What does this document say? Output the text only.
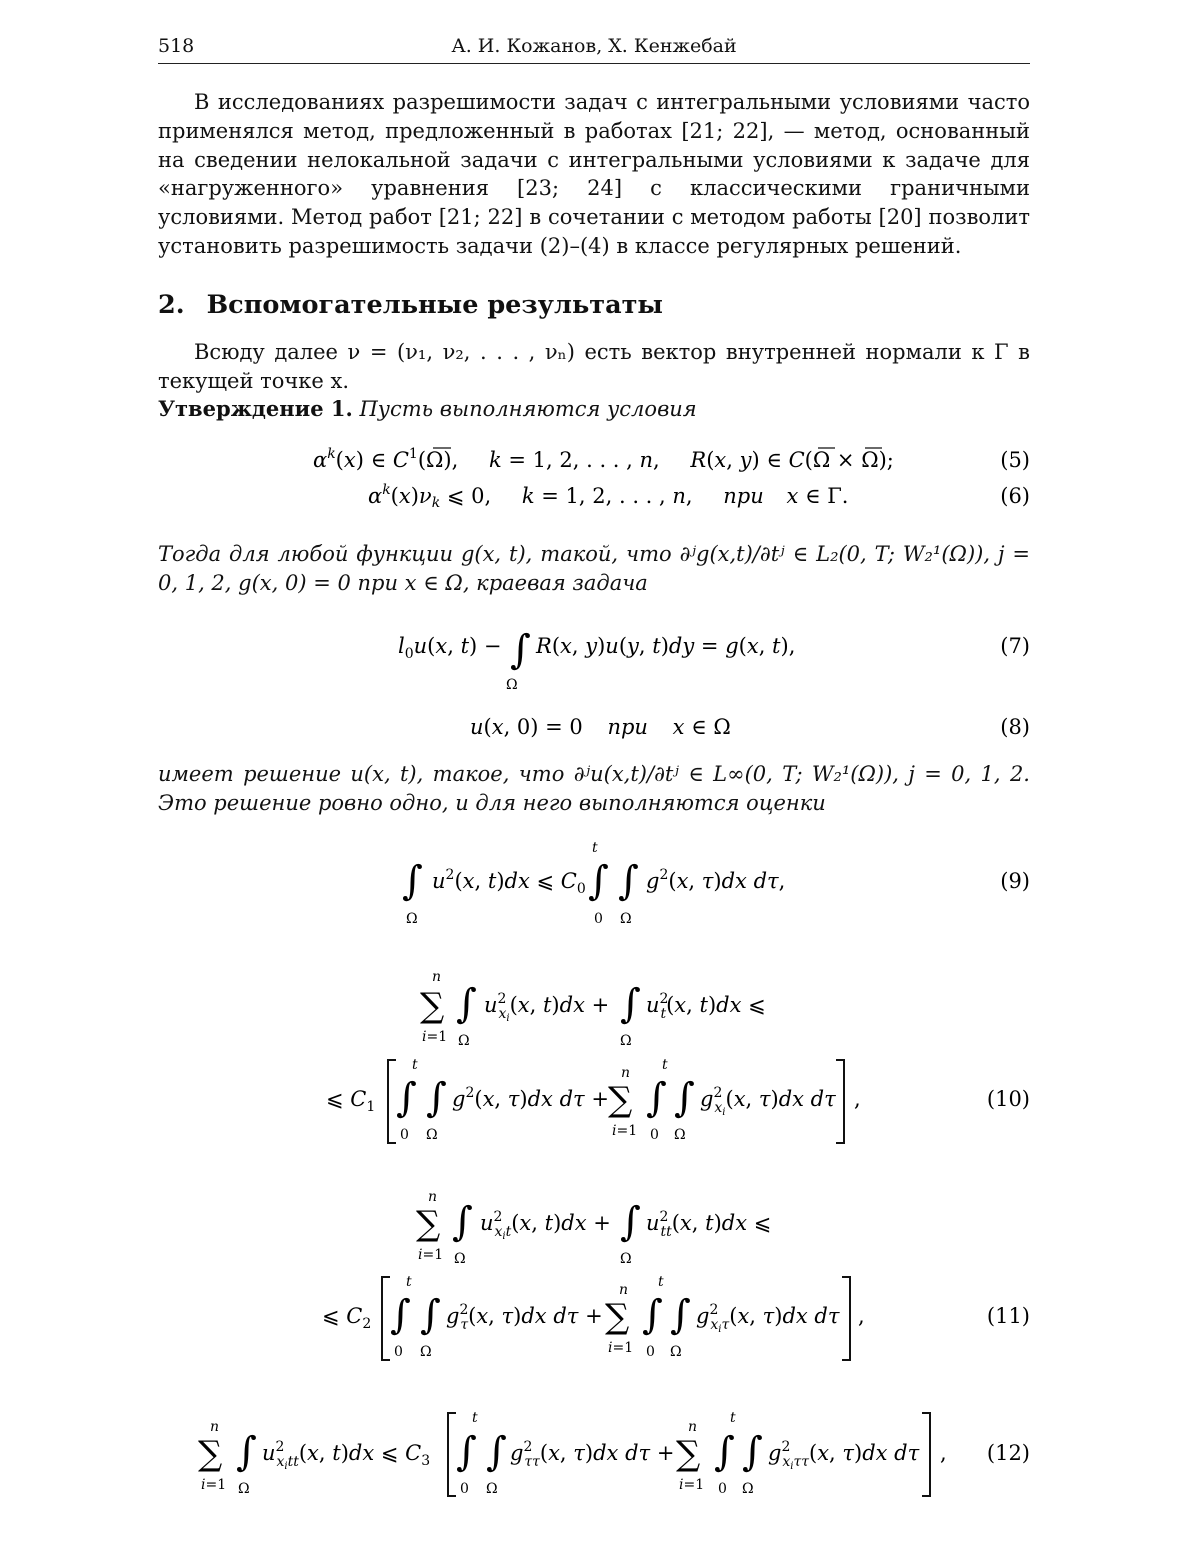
518	А. И. Кожанов, Х. Кенжебай
В исследованиях разрешимости задач с интегральными условиями часто применялся метод, предложенный в работах [21; 22], — метод, основанный на сведении нелокальной задачи с интегральными условиями к задаче для «нагруженного» уравнения [23; 24] с классическими граничными условиями. Метод работ [21; 22] в сочетании с методом работы [20] позволит установить разрешимость задачи (2)–(4) в классе регулярных решений.
2. Вспомогательные результаты
Всюду далее ν = (ν₁, ν₂, . . . , νₙ) есть вектор внутренней нормали к Γ в текущей точке x.
Утверждение 1. Пусть выполняются условия
$\alpha^k(x)$ ∈ $C^1(\Omega)$, k = 1, 2, . . . , n, R(x, y) ∈ C(Ω × Ω);	(5)
$\alpha^k(x)\nu k$ ⩽ 0, k = 1, 2, . . . , n, при x ∈ Γ.	(6)
Тогда для любой функции g(x, t), такой, что ∂ʲg(x,t)/∂tʲ ∈ L₂(0, T; W₂¹(Ω)), j = 0, 1, 2, g(x, 0) = 0 при x ∈ Ω, краевая задача
$l_0u(x$, t) − ∫
Ω
R(x, y)u(y, t)dy = g(x, t),	(7)
u(x, 0) = 0 при x ∈ Ω	(8)
имеет решение u(x, t), такое, что ∂ʲu(x,t)/∂tʲ ∈ L∞(0, T; W₂¹(Ω)), j = 0, 1, 2. Это решение ровно одно, и для него выполняются оценки
∫
Ω
$u^2(x$, t)dx ⩽ $C_0$
t
∫
0
∫
Ω
$g^2(x$, τ)dx dτ,	(9)
n
∑
i=1
∫
Ω
$u^2$ xi(x, t)dx + ∫
Ω
$u^2$ t(x, t)dx ⩽
⩽ $C_1$
t
∫
0
∫
Ω
$g^2(x$, τ)dx dτ +
n
∑
i=1
t
∫
0
∫
Ω
$g^2$ xi(x, τ)dx dτ ,	(10)
n
∑
i=1
∫
Ω
$u^2$ xit(x, t)dx + ∫
Ω
$u^2$ tt(x, t)dx ⩽
⩽ $C_2$
t
∫
0
∫
Ω
$g^2$ τ(x, τ)dx dτ +
n
∑
i=1
t
∫
0
∫
Ω
$g^2$ xiτ(x, τ)dx dτ ,	(11)
n
∑
i=1
∫
Ω
$u^2$ xitt(x, t)dx ⩽ $C_3$
t
∫
0
∫
Ω
$g^2$ ττ(x, τ)dx dτ +
n
∑
i=1
t
∫
0
∫
Ω
$g^2$ xiττ(x, τ)dx dτ , (12)
